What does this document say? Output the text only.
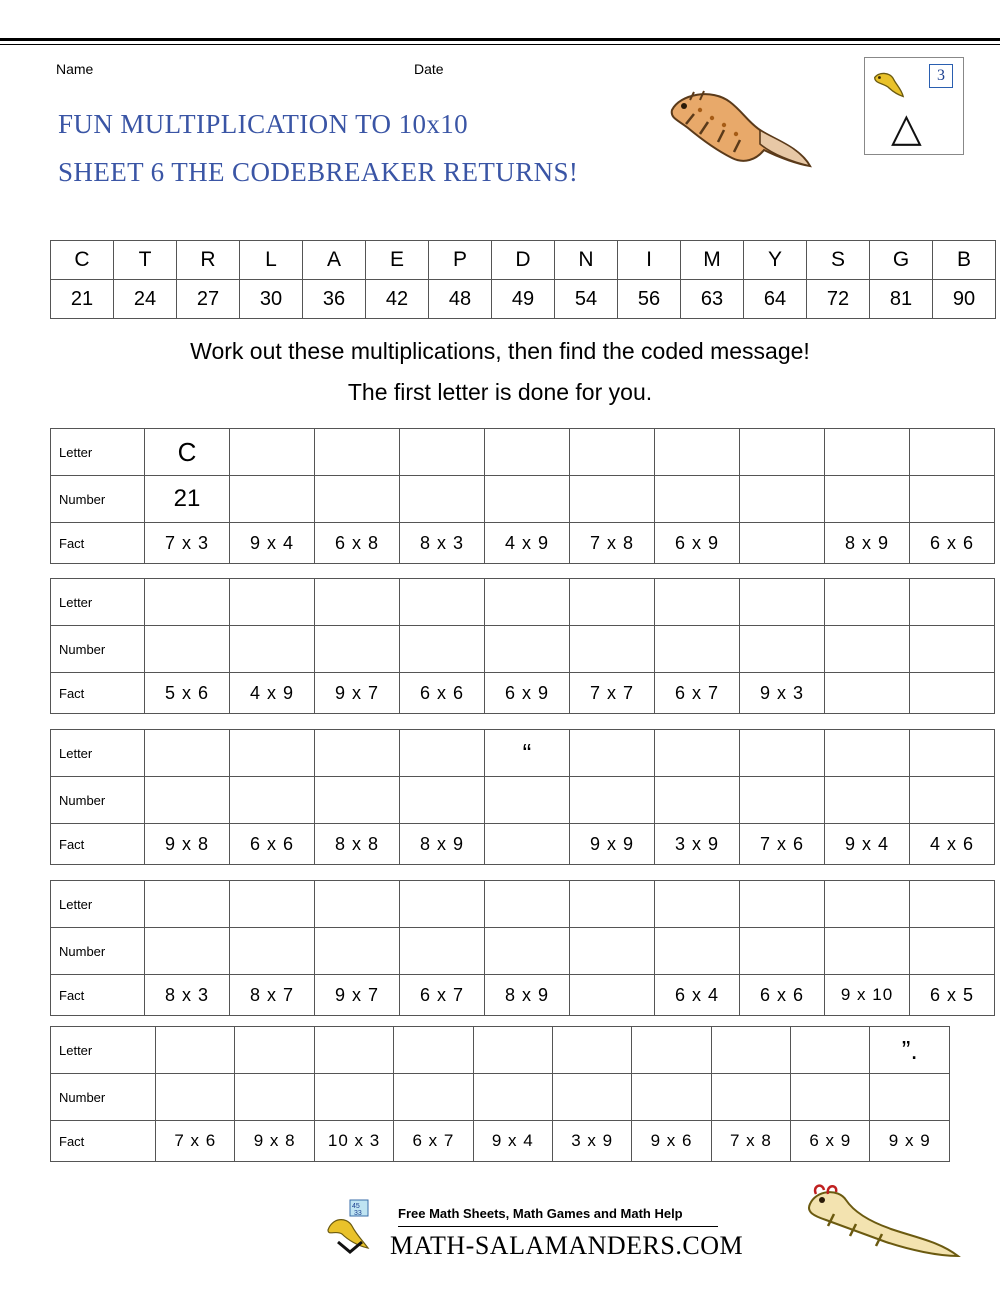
Name	Date
FUN MULTIPLICATION TO 10x10
SHEET 6 THE CODEBREAKER RETURNS!
3
△
C	T	R	L	A	E	P	D	N	I	M	Y	S	G	B
21	24	27	30	36	42	48	49	54	56	63	64	72	81	90
Work out these multiplications, then find the coded message!
The first letter is done for you.
Letter	C									
Number	21									
Fact	7 x 3	9 x 4	6 x 8	8 x 3	4 x 9	7 x 8	6 x 9		8 x 9	6 x 6
Letter										
Number										
Fact	5 x 6	4 x 9	9 x 7	6 x 6	6 x 9	7 x 7	6 x 7	9 x 3		
Letter					“					
Number										
Fact	9 x 8	6 x 6	8 x 8	8 x 9		9 x 9	3 x 9	7 x 6	9 x 4	4 x 6
Letter										
Number										
Fact	8 x 3	8 x 7	9 x 7	6 x 7	8 x 9		6 x 4	6 x 6	9 x 10	6 x 5
Letter										”.
Number										
Fact	7 x 6	9 x 8	10 x 3	6 x 7	9 x 4	3 x 9	9 x 6	7 x 8	6 x 9	9 x 9
45
33	Free Math Sheets, Math Games and Math Help
MATH-SALAMANDERS.COM
